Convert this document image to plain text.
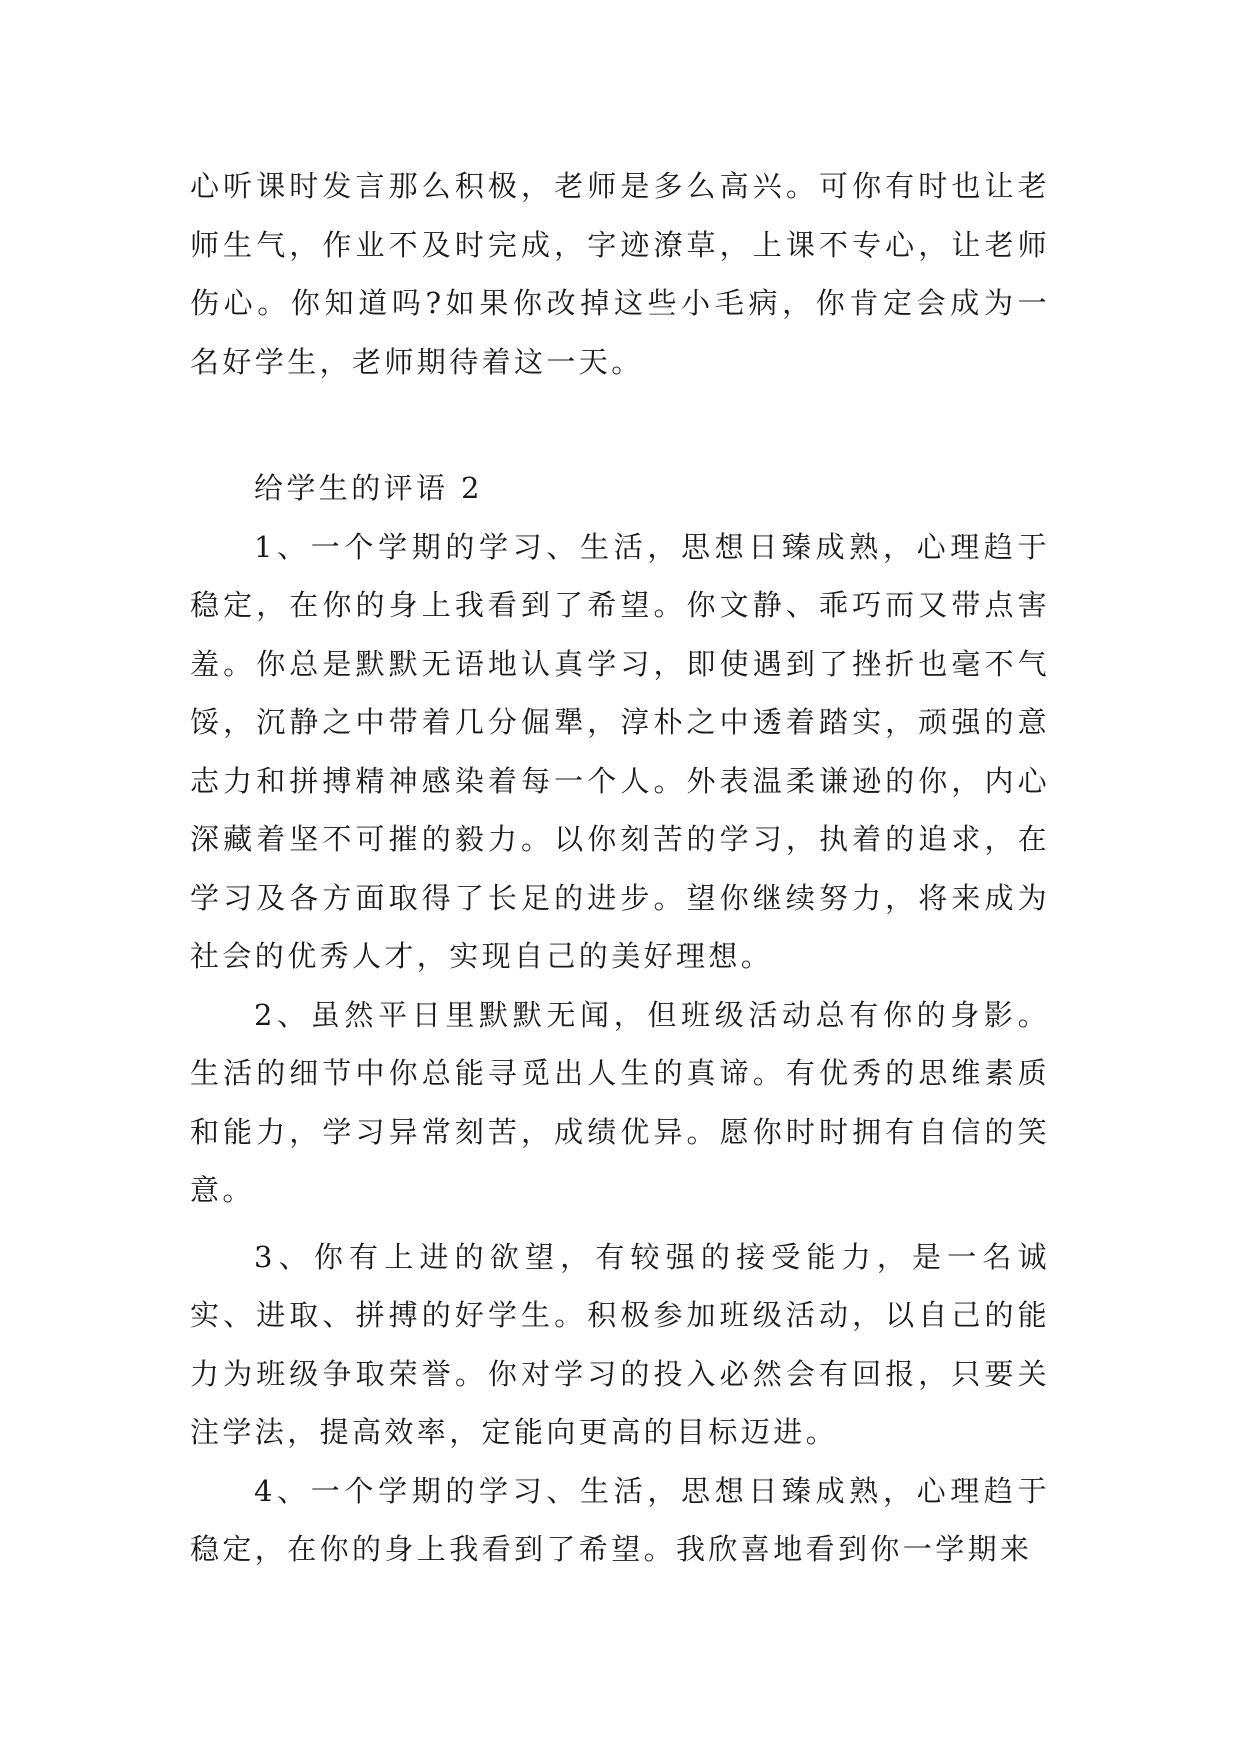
心听课时发言那么积极，老师是多么高兴。可你有时也让老师生气，作业不及时完成，字迹潦草，上课不专心，让老师伤心。你知道吗?如果你改掉这些小毛病，你肯定会成为一名好学生，老师期待着这一天。

给学生的评语 2

1、一个学期的学习、生活，思想日臻成熟，心理趋于稳定，在你的身上我看到了希望。你文静、乖巧而又带点害羞。你总是默默无语地认真学习，即使遇到了挫折也毫不气馁，沉静之中带着几分倔犟，淳朴之中透着踏实，顽强的意志力和拼搏精神感染着每一个人。外表温柔谦逊的你，内心深藏着坚不可摧的毅力。以你刻苦的学习，执着的追求，在学习及各方面取得了长足的进步。望你继续努力，将来成为社会的优秀人才，实现自己的美好理想。

2、虽然平日里默默无闻，但班级活动总有你的身影。生活的细节中你总能寻觅出人生的真谛。有优秀的思维素质和能力，学习异常刻苦，成绩优异。愿你时时拥有自信的笑意。

3、你有上进的欲望，有较强的接受能力，是一名诚实、进取、拼搏的好学生。积极参加班级活动，以自己的能力为班级争取荣誉。你对学习的投入必然会有回报，只要关注学法，提高效率，定能向更高的目标迈进。

4、一个学期的学习、生活，思想日臻成熟，心理趋于稳定，在你的身上我看到了希望。我欣喜地看到你一学期来
